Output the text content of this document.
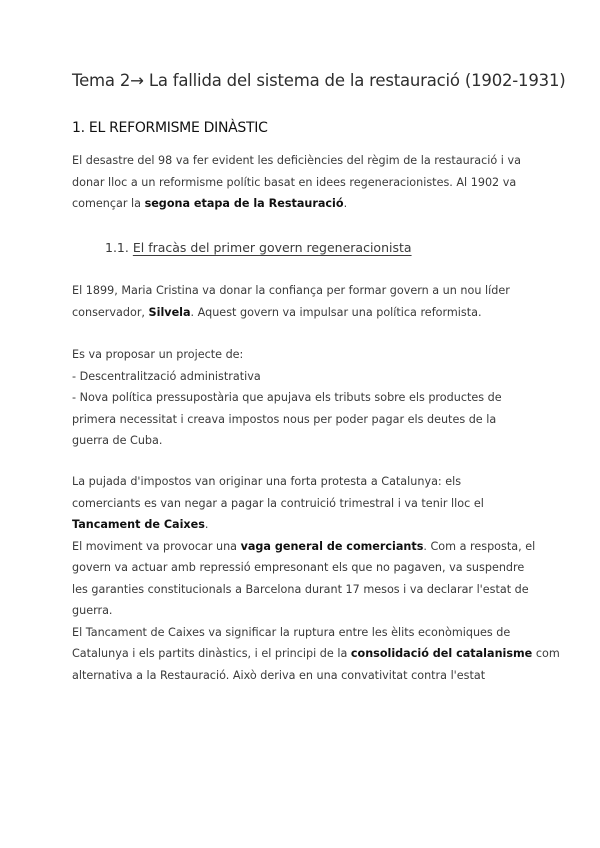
Tema 2→ La fallida del sistema de la restauració (1902-1931)
1. EL REFORMISME DINÀSTIC
El desastre del 98 va fer evident les deficiències del règim de la restauració i va
donar lloc a un reformisme polític basat en idees regeneracionistes. Al 1902 va
començar la segona etapa de la Restauració.
1.1. El fracàs del primer govern regeneracionista
El 1899, Maria Cristina va donar la confiança per formar govern a un nou líder
conservador, Silvela. Aquest govern va impulsar una política reformista.
Es va proposar un projecte de:
- Descentralització administrativa
- Nova política pressupostària que apujava els tributs sobre els productes de
primera necessitat i creava impostos nous per poder pagar els deutes de la
guerra de Cuba.
La pujada d'impostos van originar una forta protesta a Catalunya: els
comerciants es van negar a pagar la contruició trimestral i va tenir lloc el
Tancament de Caixes.
El moviment va provocar una vaga general de comerciants. Com a resposta, el
govern va actuar amb repressió empresonant els que no pagaven, va suspendre
les garanties constitucionals a Barcelona durant 17 mesos i va declarar l'estat de
guerra.
El Tancament de Caixes va significar la ruptura entre les èlits econòmiques de
Catalunya i els partits dinàstics, i el principi de la consolidació del catalanisme com
alternativa a la Restauració. Això deriva en una convativitat contra l'estat
